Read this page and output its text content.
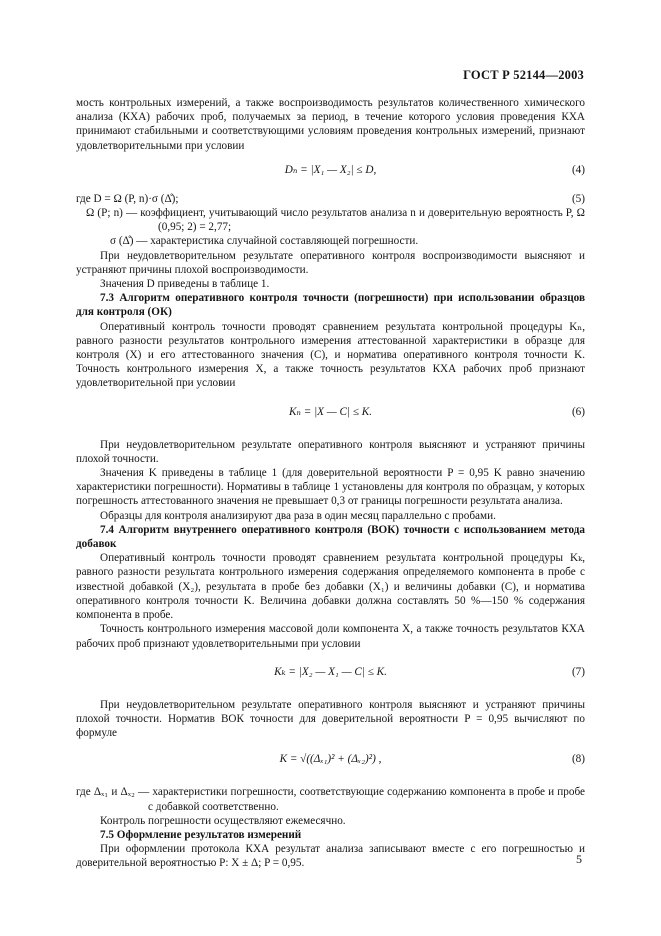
ГОСТ Р 52144—2003

мость контрольных измерений, а также воспроизводимость результатов количественного химического анализа (КХА) рабочих проб, получаемых за период, в течение которого условия проведения КХА принимают стабильными и соответствующими условиям проведения контрольных измерений, признают удовлетворительными при условии

Dₙ = |X₁ — X₂| ≤ D,	(4)
где D = Ω (P, n)·σ (Δ̊);	(5)

Ω (P; n) — коэффициент, учитывающий число результатов анализа n и доверительную вероятность P, Ω (0,95; 2) = 2,77;

σ (Δ̊) — характеристика случайной составляющей погрешности.

При неудовлетворительном результате оперативного контроля воспроизводимости выясняют и устраняют причины плохой воспроизводимости.

Значения D приведены в таблице 1.

7.3 Алгоритм оперативного контроля точности (погрешности) при использовании образцов для контроля (ОК)

Оперативный контроль точности проводят сравнением результата контрольной процедуры Kₙ, равного разности результатов контрольного измерения аттестованной характеристики в образце для контроля (X) и его аттестованного значения (C), и норматива оперативного контроля точности K. Точность контрольного измерения X, а также точность результатов КХА рабочих проб признают удовлетворительной при условии

Kₙ = |X — C| ≤ K.	(6)

При неудовлетворительном результате оперативного контроля выясняют и устраняют причины плохой точности.

Значения K приведены в таблице 1 (для доверительной вероятности P = 0,95 K равно значению характеристики погрешности). Нормативы в таблице 1 установлены для контроля по образцам, у которых погрешность аттестованного значения не превышает 0,3 от границы погрешности результата анализа.

Образцы для контроля анализируют два раза в один месяц параллельно с пробами.

7.4 Алгоритм внутреннего оперативного контроля (ВОК) точности с использованием метода добавок

Оперативный контроль точности проводят сравнением результата контрольной процедуры Kₖ, равного разности результата контрольного измерения содержания определяемого компонента в пробе с известной добавкой (X₂), результата в пробе без добавки (X₁) и величины добавки (C), и норматива оперативного контроля точности K. Величина добавки должна составлять 50 %—150 % содержания компонента в пробе.

Точность контрольного измерения массовой доли компонента X, а также точность результатов КХА рабочих проб признают удовлетворительными при условии

Kₖ = |X₂ — X₁ — C| ≤ K.	(7)

При неудовлетворительном результате оперативного контроля выясняют и устраняют причины плохой точности. Норматив ВОК точности для доверительной вероятности P = 0,95 вычисляют по формуле

K = √((Δₓ₁)² + (Δₓ₂)²) ,	(8)

где Δₓ₁ и Δₓ₂ — характеристики погрешности, соответствующие содержанию компонента в пробе и пробе с добавкой соответственно.

Контроль погрешности осуществляют ежемесячно.

7.5 Оформление результатов измерений

При оформлении протокола КХА результат анализа записывают вместе с его погрешностью и доверительной вероятностью P: X ± Δ; P = 0,95.	5
